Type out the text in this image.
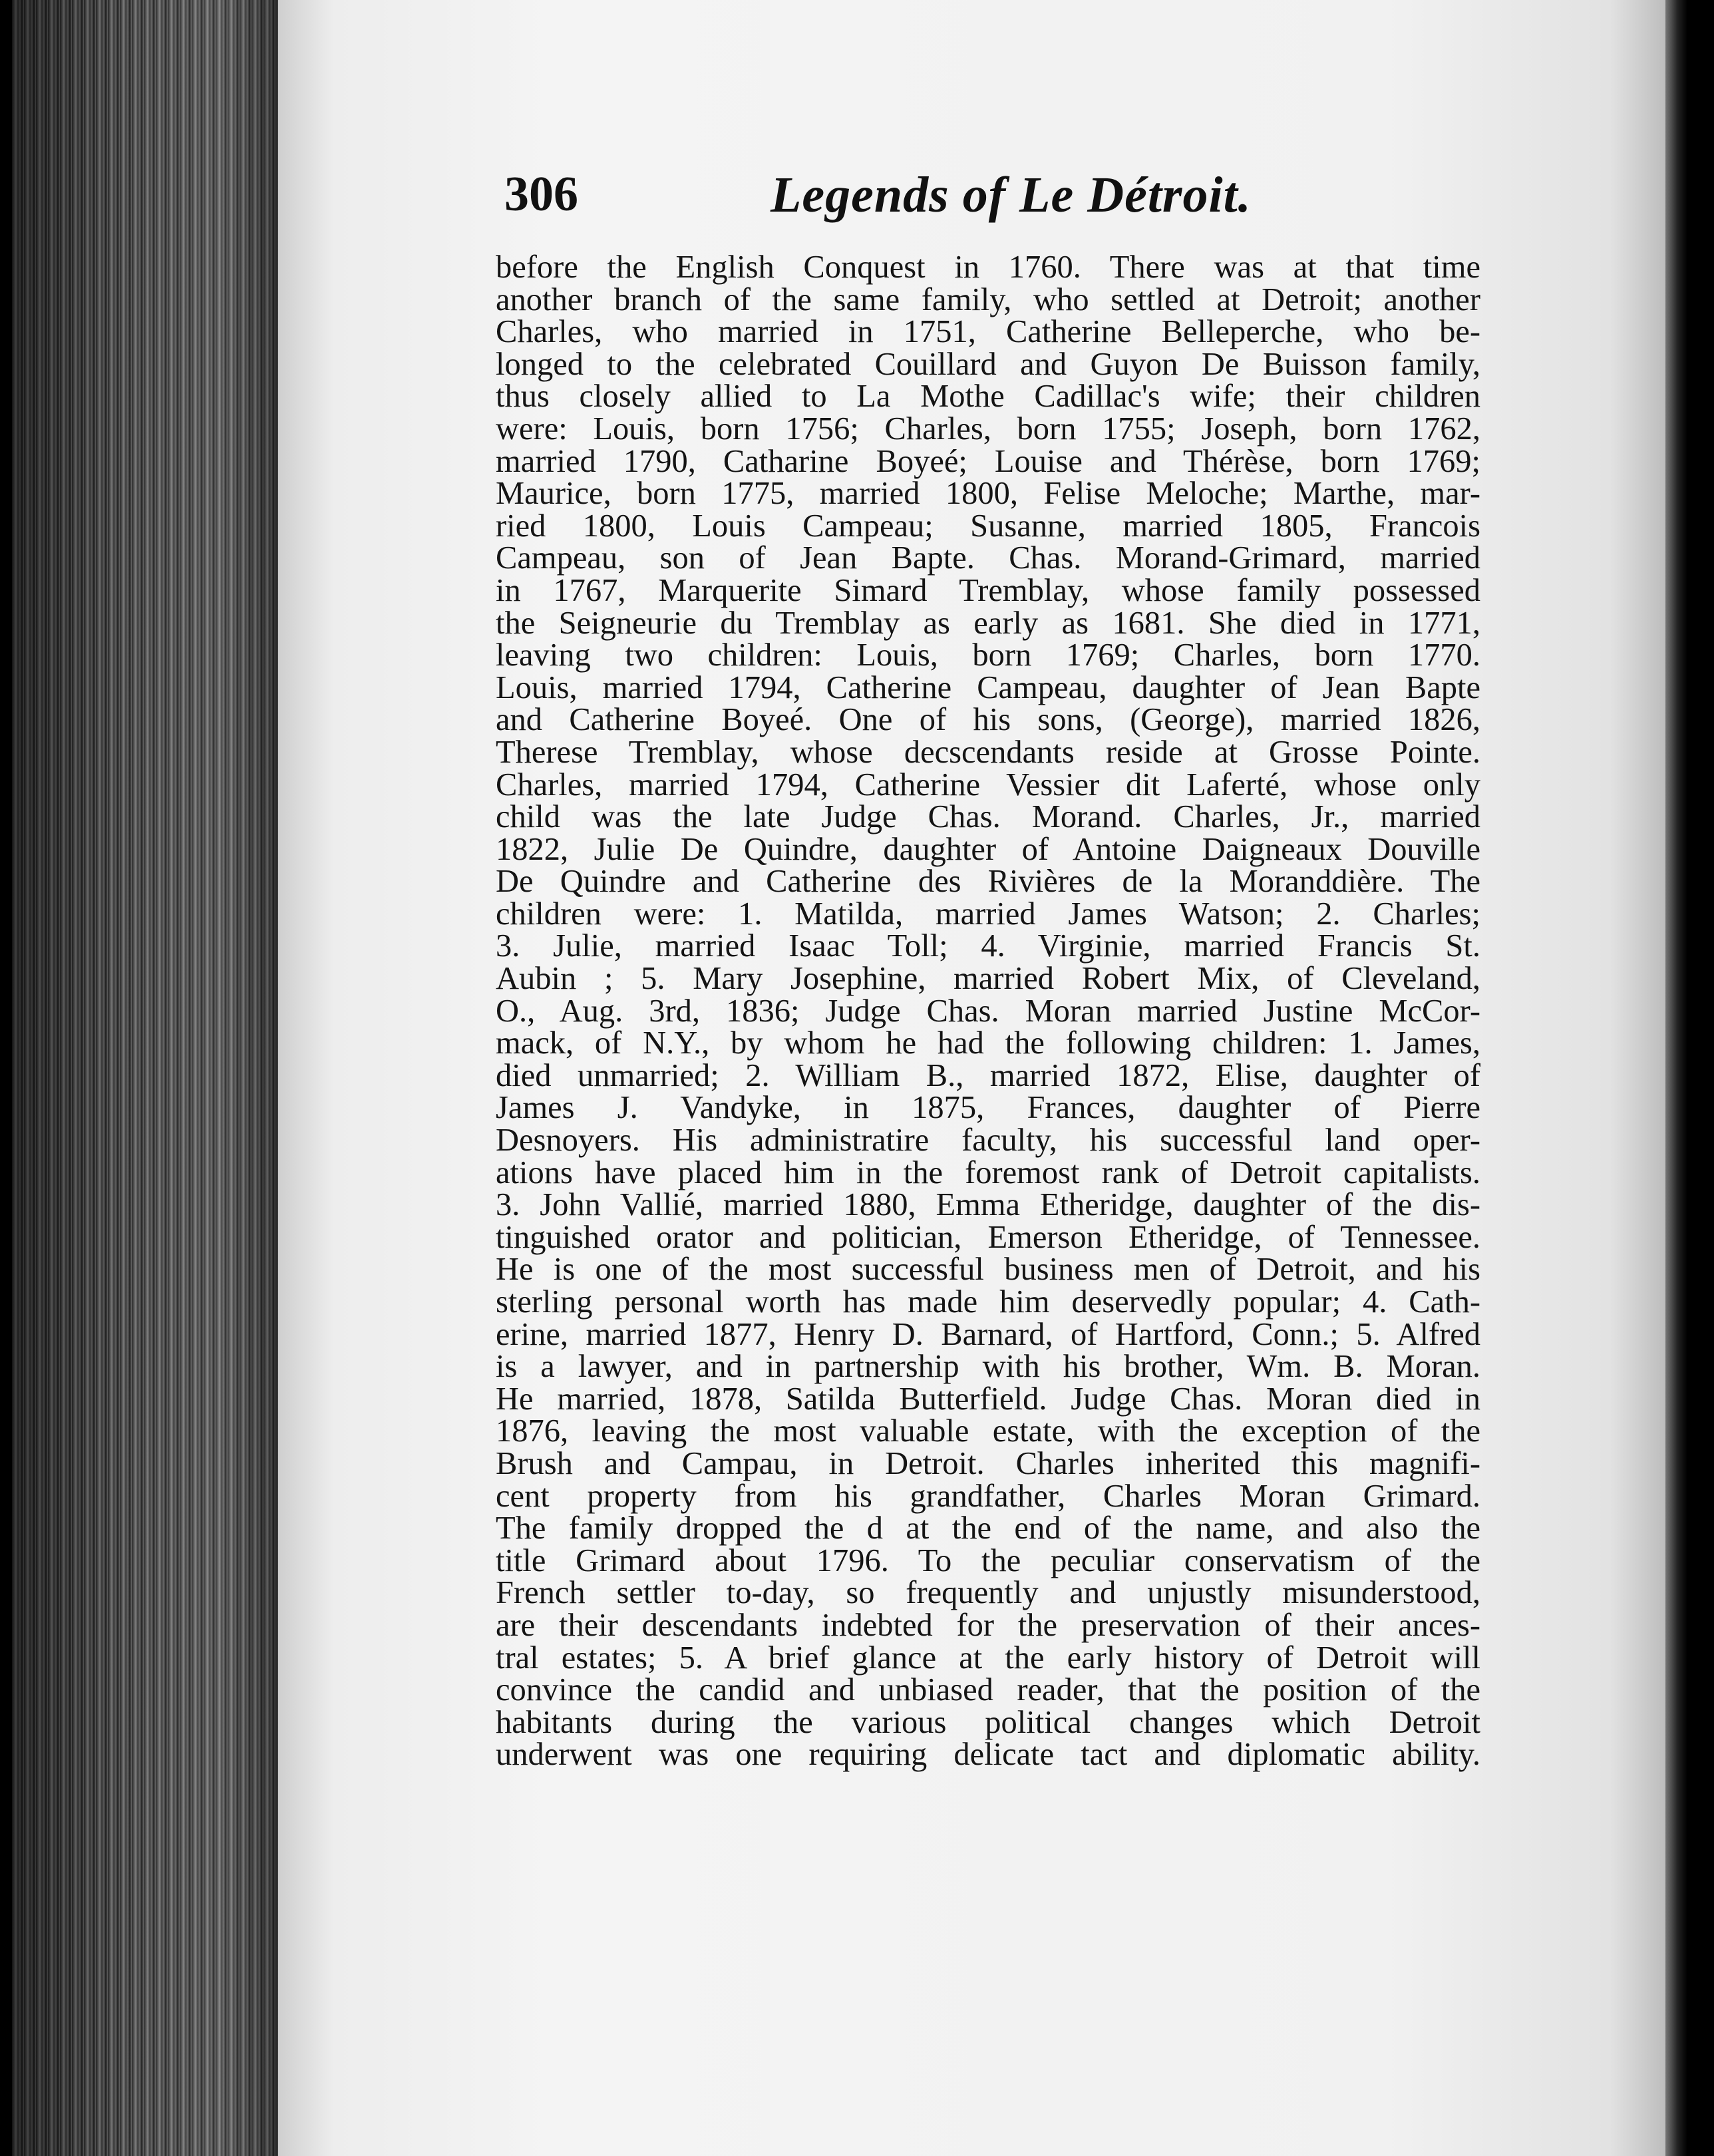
306	Legends of Le Détroit.
before the English Conquest in 1760. There was at that time
another branch of the same family, who settled at Detroit; another
Charles, who married in 1751, Catherine Belleperche, who be-
longed to the celebrated Couillard and Guyon De Buisson family,
thus closely allied to La Mothe Cadillac's wife; their children
were: Louis, born 1756; Charles, born 1755; Joseph, born 1762,
married 1790, Catharine Boyeé; Louise and Thérèse, born 1769;
Maurice, born 1775, married 1800, Felise Meloche; Marthe, mar-
ried 1800, Louis Campeau; Susanne, married 1805, Francois
Campeau, son of Jean Bapte. Chas. Morand-Grimard, married
in 1767, Marquerite Simard Tremblay, whose family possessed
the Seigneurie du Tremblay as early as 1681. She died in 1771,
leaving two children: Louis, born 1769; Charles, born 1770.
Louis, married 1794, Catherine Campeau, daughter of Jean Bapte
and Catherine Boyeé. One of his sons, (George), married 1826,
Therese Tremblay, whose decscendants reside at Grosse Pointe.
Charles, married 1794, Catherine Vessier dit Laferté, whose only
child was the late Judge Chas. Morand. Charles, Jr., married
1822, Julie De Quindre, daughter of Antoine Daigneaux Douville
De Quindre and Catherine des Rivières de la Moranddière. The
children were: 1. Matilda, married James Watson; 2. Charles;
3. Julie, married Isaac Toll; 4. Virginie, married Francis St.
Aubin ; 5. Mary Josephine, married Robert Mix, of Cleveland,
O., Aug. 3rd, 1836; Judge Chas. Moran married Justine McCor-
mack, of N.Y., by whom he had the following children: 1. James,
died unmarried; 2. William B., married 1872, Elise, daughter of
James J. Vandyke, in 1875, Frances, daughter of Pierre
Desnoyers. His administratire faculty, his successful land oper-
ations have placed him in the foremost rank of Detroit capitalists.
3. John Vallié, married 1880, Emma Etheridge, daughter of the dis-
tinguished orator and politician, Emerson Etheridge, of Tennessee.
He is one of the most successful business men of Detroit, and his
sterling personal worth has made him deservedly popular; 4. Cath-
erine, married 1877, Henry D. Barnard, of Hartford, Conn.; 5. Alfred
is a lawyer, and in partnership with his brother, Wm. B. Moran.
He married, 1878, Satilda Butterfield. Judge Chas. Moran died in
1876, leaving the most valuable estate, with the exception of the
Brush and Campau, in Detroit. Charles inherited this magnifi-
cent property from his grandfather, Charles Moran Grimard.
The family dropped the d at the end of the name, and also the
title Grimard about 1796. To the peculiar conservatism of the
French settler to-day, so frequently and unjustly misunderstood,
are their descendants indebted for the preservation of their ances-
tral estates; 5. A brief glance at the early history of Detroit will
convince the candid and unbiased reader, that the position of the
habitants during the various political changes which Detroit
underwent was one requiring delicate tact and diplomatic ability.
